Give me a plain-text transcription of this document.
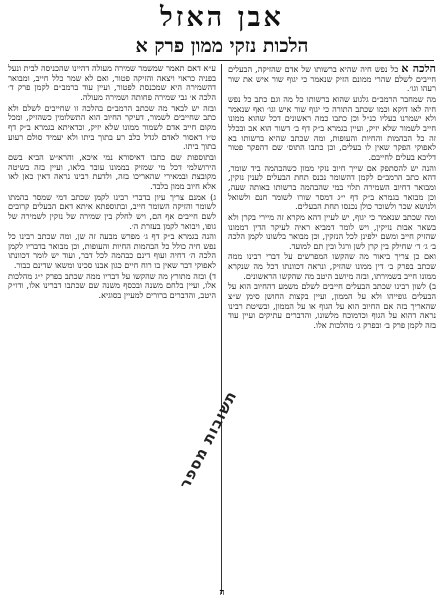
אבן האזל
הלכות נזקי ממון פרק א

הלכה א כל נפש חיה שהיא ברשותו של אדם שהזיקה, הבעלים חייבים לשלם שהרי ממונם הזיק שנאמר כי יגוף שור איש את שור רעהו וגו׳.

מה שמחבר הרמב״ם גלגוע שהוא ברשותו כל מה וגם כתב כל נפש חיה לאו דוקא וכמו שכתב התורה כי יגוף שור איש וגו׳ ואף שנאמר ולא ישמרנו בעליו כנ״ל וכן כתבו כמה ראשונים דכל שהוא ממונו חייב לשמור שלא יזיק, ועיין בגמרא ב״ק דף ב׳ דשור הוא אב ובכלל זה כל הבהמות והחיות והעופות, ומה שכתב שהיא ברשותו בא לאפוקי הפקר שאין לו בעלים, וכן כתבו התוס׳ שם דהפקר פטור דליכא בעלים לחייבם.

והנה יש להסתפק אם שייך חיוב נזקי ממון כשהבהמה ביד שומר, דהא כתב הרמב״ם לקמן דהשומר נכנס תחת הבעלים לענין נזקין, ומבואר דחיוב השמירה תלוי במי שהבהמה ברשותו באותה שעה, וכן מבואר בגמרא ב״ק דף י״ג דמסר שורו לשומר חנם ולשואל ולנושא שכר ולשוכר כולן נכנסו תחת הבעלים.

ומה שכתב שנאמר כי יגוף, יש לעיין דהא מקרא זה מיירי בקרן ולא בשאר אבות נזיקין, ויש לומר דמביא ראיה לעיקר הדין דממונו שהזיק חייב ומשם ילפינן לכל הנזקין, וכן מבואר בלשונו לקמן הלכה ב׳ ג׳ ד׳ שחילק בין קרן לשן ורגל ובין תם למועד.

ואם כן צריך ביאור מה שהקשו המפרשים על דברי רבינו ממה שכתב בפרק ב׳ דין ממונו שהזיק, ונראה דכוונתו דכל מה שנקרא ממונו חייב בשמירתו, ובזה מיושב היטב מה שהקשו הראשונים.

ב) לשון רבינו שכתב הבעלים חייבים לשלם משמע דהחיוב הוא על הבעלים גופייהו ולא על הממון, ועיין בקצות החושן סימן ש״צ שהאריך בזה אם החיוב הוא על הגוף או על הממון, ובשיטת רבינו נראה דהוא על הגוף וכדמוכח מלשונו, והדברים עתיקים ועיין עוד בזה לקמן פרק ב׳ ובפרק ג׳ מהלכות אלו.

ע״א דאם תאמר שמשמר שמירה מעולה דהיינו שהכניסה לבית ונעל בפניה כראוי ויצאה והזיקה פטור, ואם לא שמר כלל חייב, ומבואר דהשמירה היא שמכנסת לפטור, ועיין עוד ברמב״ם לקמן פרק ד׳ הלכה א׳ גבי שמירה פחותה ושמירה מעולה.

ובזה יש לבאר מה שכתב הרמב״ם בהלכה זו שחייבים לשלם ולא כתב שחייבים לשמור, דעיקר החיוב הוא התשלומין כשהזיק, ומכל מקום חייב אדם לשמור ממונו שלא יזיק, וכדאיתא בגמרא ב״ק דף ט״ו דאסור לאדם לגדל כלב רע בתוך ביתו ולא יעמיד סולם רעוע בתוך ביתו.

ובתוספות שם כתבו דאיסורא נמי איכא, והרא״ש הביא בשם הירושלמי דכל מי שמזיק בממונו עובר בלאו, ועיין בזה בשיטה מקובצת ובמאירי שהאריכו בזה, ולדעת רבינו נראה דאין כאן לאו אלא חיוב ממון בלבד.

ג) אמנם צריך עיון בדברי רבינו לקמן שכתב דמי שמסר בהמתו לשומר והזיקה השומר חייב, ובתוספתא איתא דאם הבעלים קרובים לשם חייבים אף הם, ויש לחלק בין שמירה של נזקין לשמירה של גופו, ויבואר לקמן בעזרת ה׳.

והנה בגמרא ב״ק דף ג׳ מפרש מבעה זה שן, ומה שכתב רבינו כל נפש חיה כולל כל הבהמות החיות והעופות, וכן מבואר בדבריו לקמן הלכה ה׳ דחיה ועוף דינם כבהמה לכל דבר, ועוד יש לומר דכוונתו לאפוקי דבר שאין בו רוח חיים כגון אבנו סכינו ומשאו שדינם כבור.

ד) ובזה מתורץ מה שהקשו על דבריו ממה שכתב בפרק י״ג מהלכות אלו, ועיין בלחם משנה ובכסף משנה שם שכתבו דברינו אלו, ודו״ק היטב, והדברים ברורים למעיין בסוגיא.

תשובות מספר
ה
